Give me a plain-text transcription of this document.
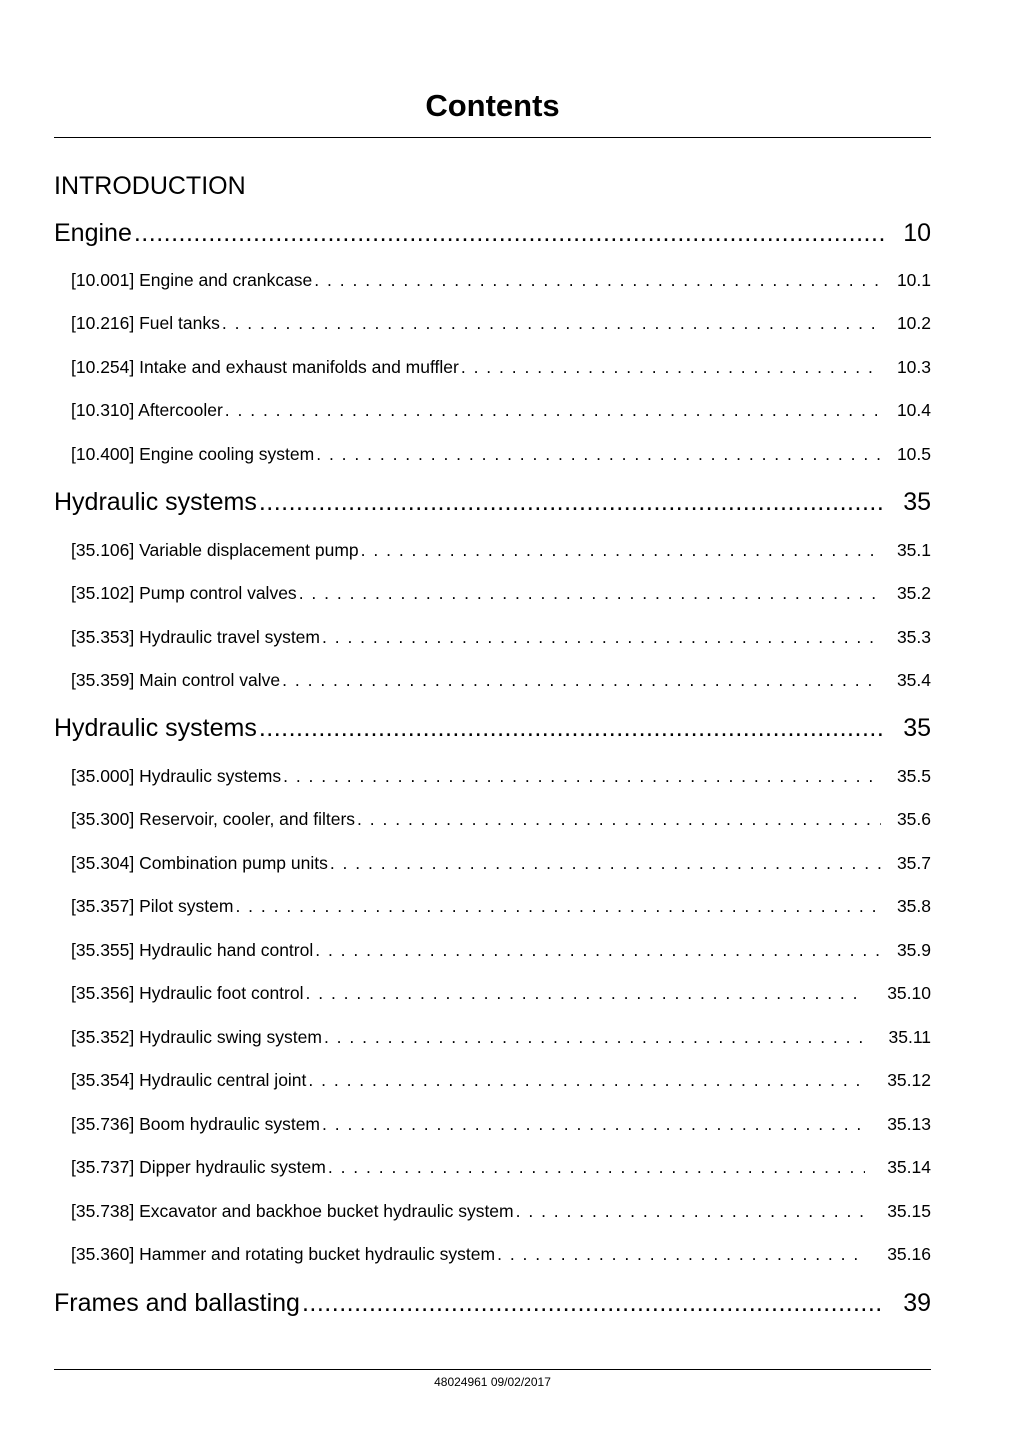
Contents
INTRODUCTION
Engine .....	10
[10.001] Engine and crankcase . . .	10.1
[10.216] Fuel tanks . . .	10.2
[10.254] Intake and exhaust manifolds and muffler . . .	10.3
[10.310] Aftercooler . . .	10.4
[10.400] Engine cooling system . . .	10.5
Hydraulic systems .....	35
[35.106] Variable displacement pump . . .	35.1
[35.102] Pump control valves . . .	35.2
[35.353] Hydraulic travel system . . .	35.3
[35.359] Main control valve . . .	35.4
Hydraulic systems .....	35
[35.000] Hydraulic systems . . .	35.5
[35.300] Reservoir, cooler, and filters . . .	35.6
[35.304] Combination pump units . . .	35.7
[35.357] Pilot system . . .	35.8
[35.355] Hydraulic hand control . . .	35.9
[35.356] Hydraulic foot control . . .	35.10
[35.352] Hydraulic swing system . . .	35.11
[35.354] Hydraulic central joint . . .	35.12
[35.736] Boom hydraulic system . . .	35.13
[35.737] Dipper hydraulic system . . .	35.14
[35.738] Excavator and backhoe bucket hydraulic system . . .	35.15
[35.360] Hammer and rotating bucket hydraulic system . . .	35.16
Frames and ballasting .....	39
48024961 09/02/2017
